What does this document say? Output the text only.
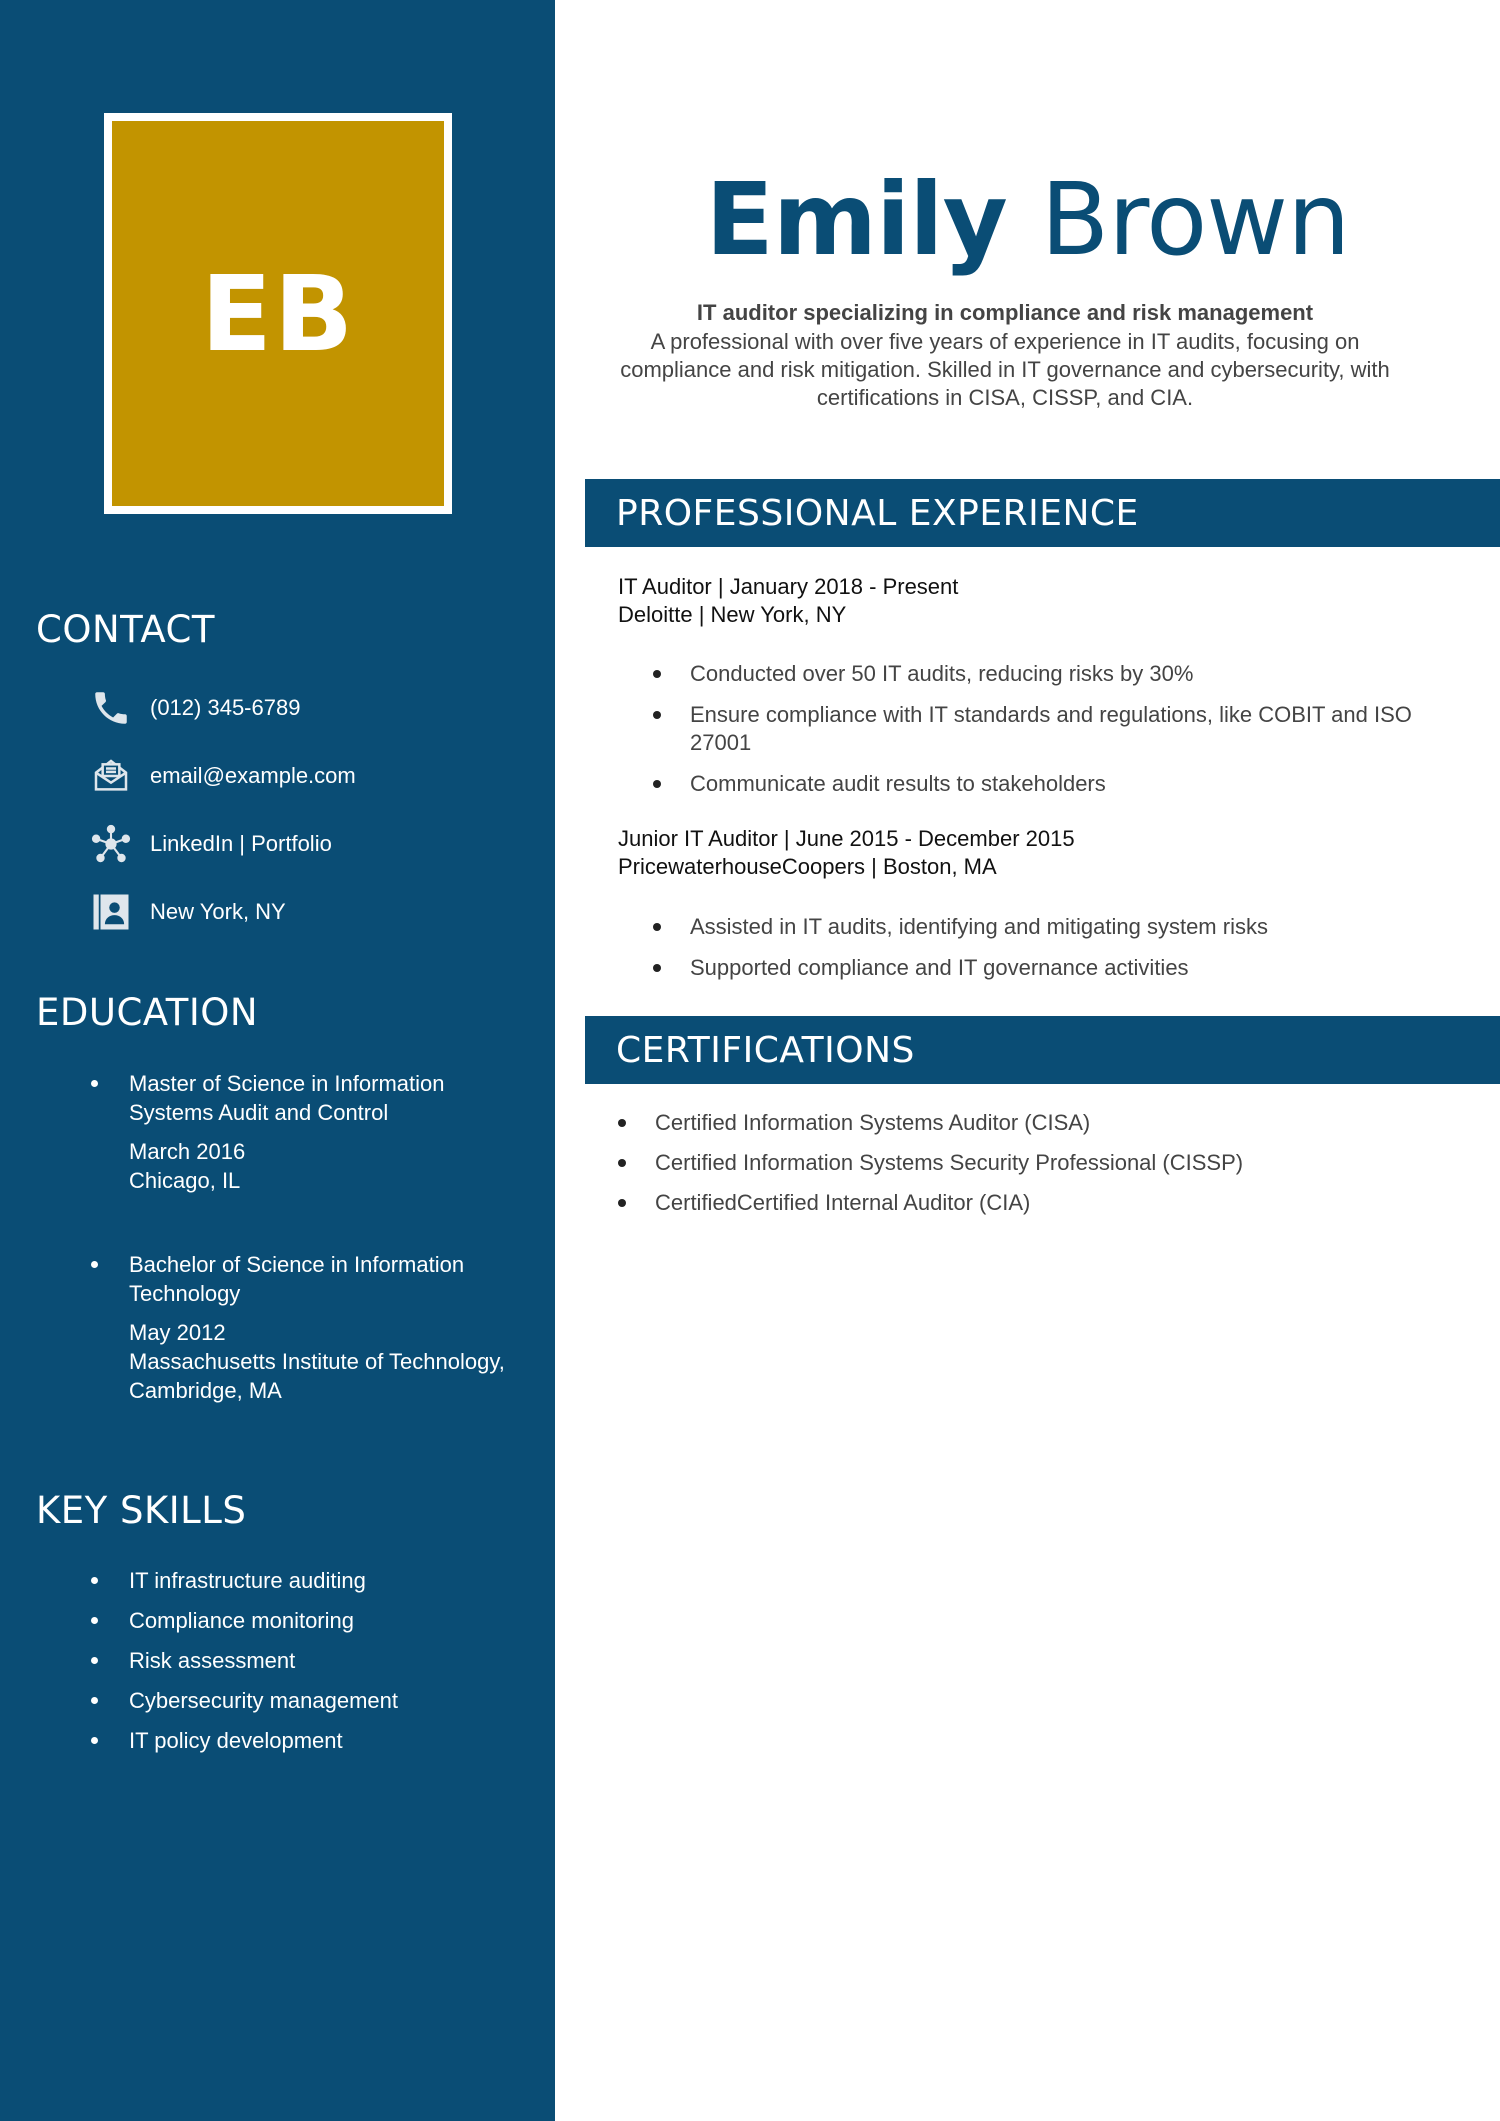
EB
CONTACT
(012) 345-6789
email@example.com
LinkedIn | Portfolio
New York, NY
EDUCATION
Master of Science in Information Systems Audit and Control
March 2016
Chicago, IL
Bachelor of Science in Information Technology
May 2012
Massachusetts Institute of Technology, Cambridge, MA
KEY SKILLS
IT infrastructure auditing
Compliance monitoring
Risk assessment
Cybersecurity management
IT policy development
Emily Brown

IT auditor specializing in compliance and risk management

A professional with over five years of experience in IT audits, focusing on compliance and risk mitigation. Skilled in IT governance and cybersecurity, with certifications in CISA, CISSP, and CIA.

PROFESSIONAL EXPERIENCE

IT Auditor | January 2018 - Present

Deloitte | New York, NY

Conducted over 50 IT audits, reducing risks by 30%
Ensure compliance with IT standards and regulations, like COBIT and ISO 27001
Communicate audit results to stakeholders

Junior IT Auditor | June 2015 - December 2015

PricewaterhouseCoopers | Boston, MA

Assisted in IT audits, identifying and mitigating system risks
Supported compliance and IT governance activities
CERTIFICATIONS
Certified Information Systems Auditor (CISA)
Certified Information Systems Security Professional (CISSP)
CertifiedCertified Internal Auditor (CIA)
